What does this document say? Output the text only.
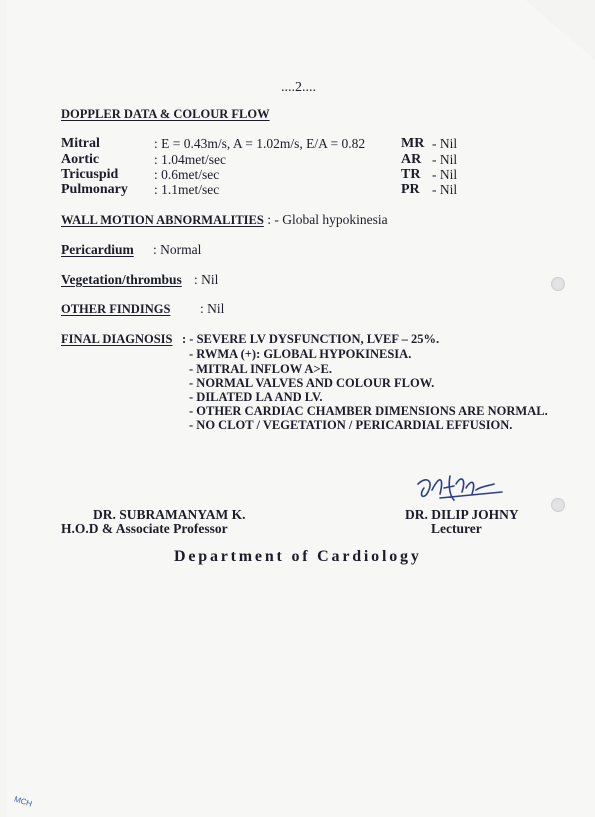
....2....
DOPPLER DATA & COLOUR FLOW
Mitral	: E = 0.43m/s, A = 1.02m/s, E/A = 0.82	MR - Nil
Aortic	: 1.04met/sec	AR - Nil
Tricuspid	: 0.6met/sec	TR - Nil
Pulmonary : 1.1met/sec	PR - Nil
WALL MOTION ABNORMALITIES : - Global hypokinesia
Pericardium : Normal
Vegetation/thrombus : Nil
OTHER FINDINGS : Nil
FINAL DIAGNOSIS : - SEVERE LV DYSFUNCTION, LVEF – 25%.
- RWMA (+): GLOBAL HYPOKINESIA.
- MITRAL INFLOW A>E.
- NORMAL VALVES AND COLOUR FLOW.
- DILATED LA AND LV.
- OTHER CARDIAC CHAMBER DIMENSIONS ARE NORMAL.
- NO CLOT / VEGETATION / PERICARDIAL EFFUSION.
DR. SUBRAMANYAM K.
H.O.D & Associate Professor
DR. DILIP JOHNY
Lecturer
Department of Cardiology
MCH
